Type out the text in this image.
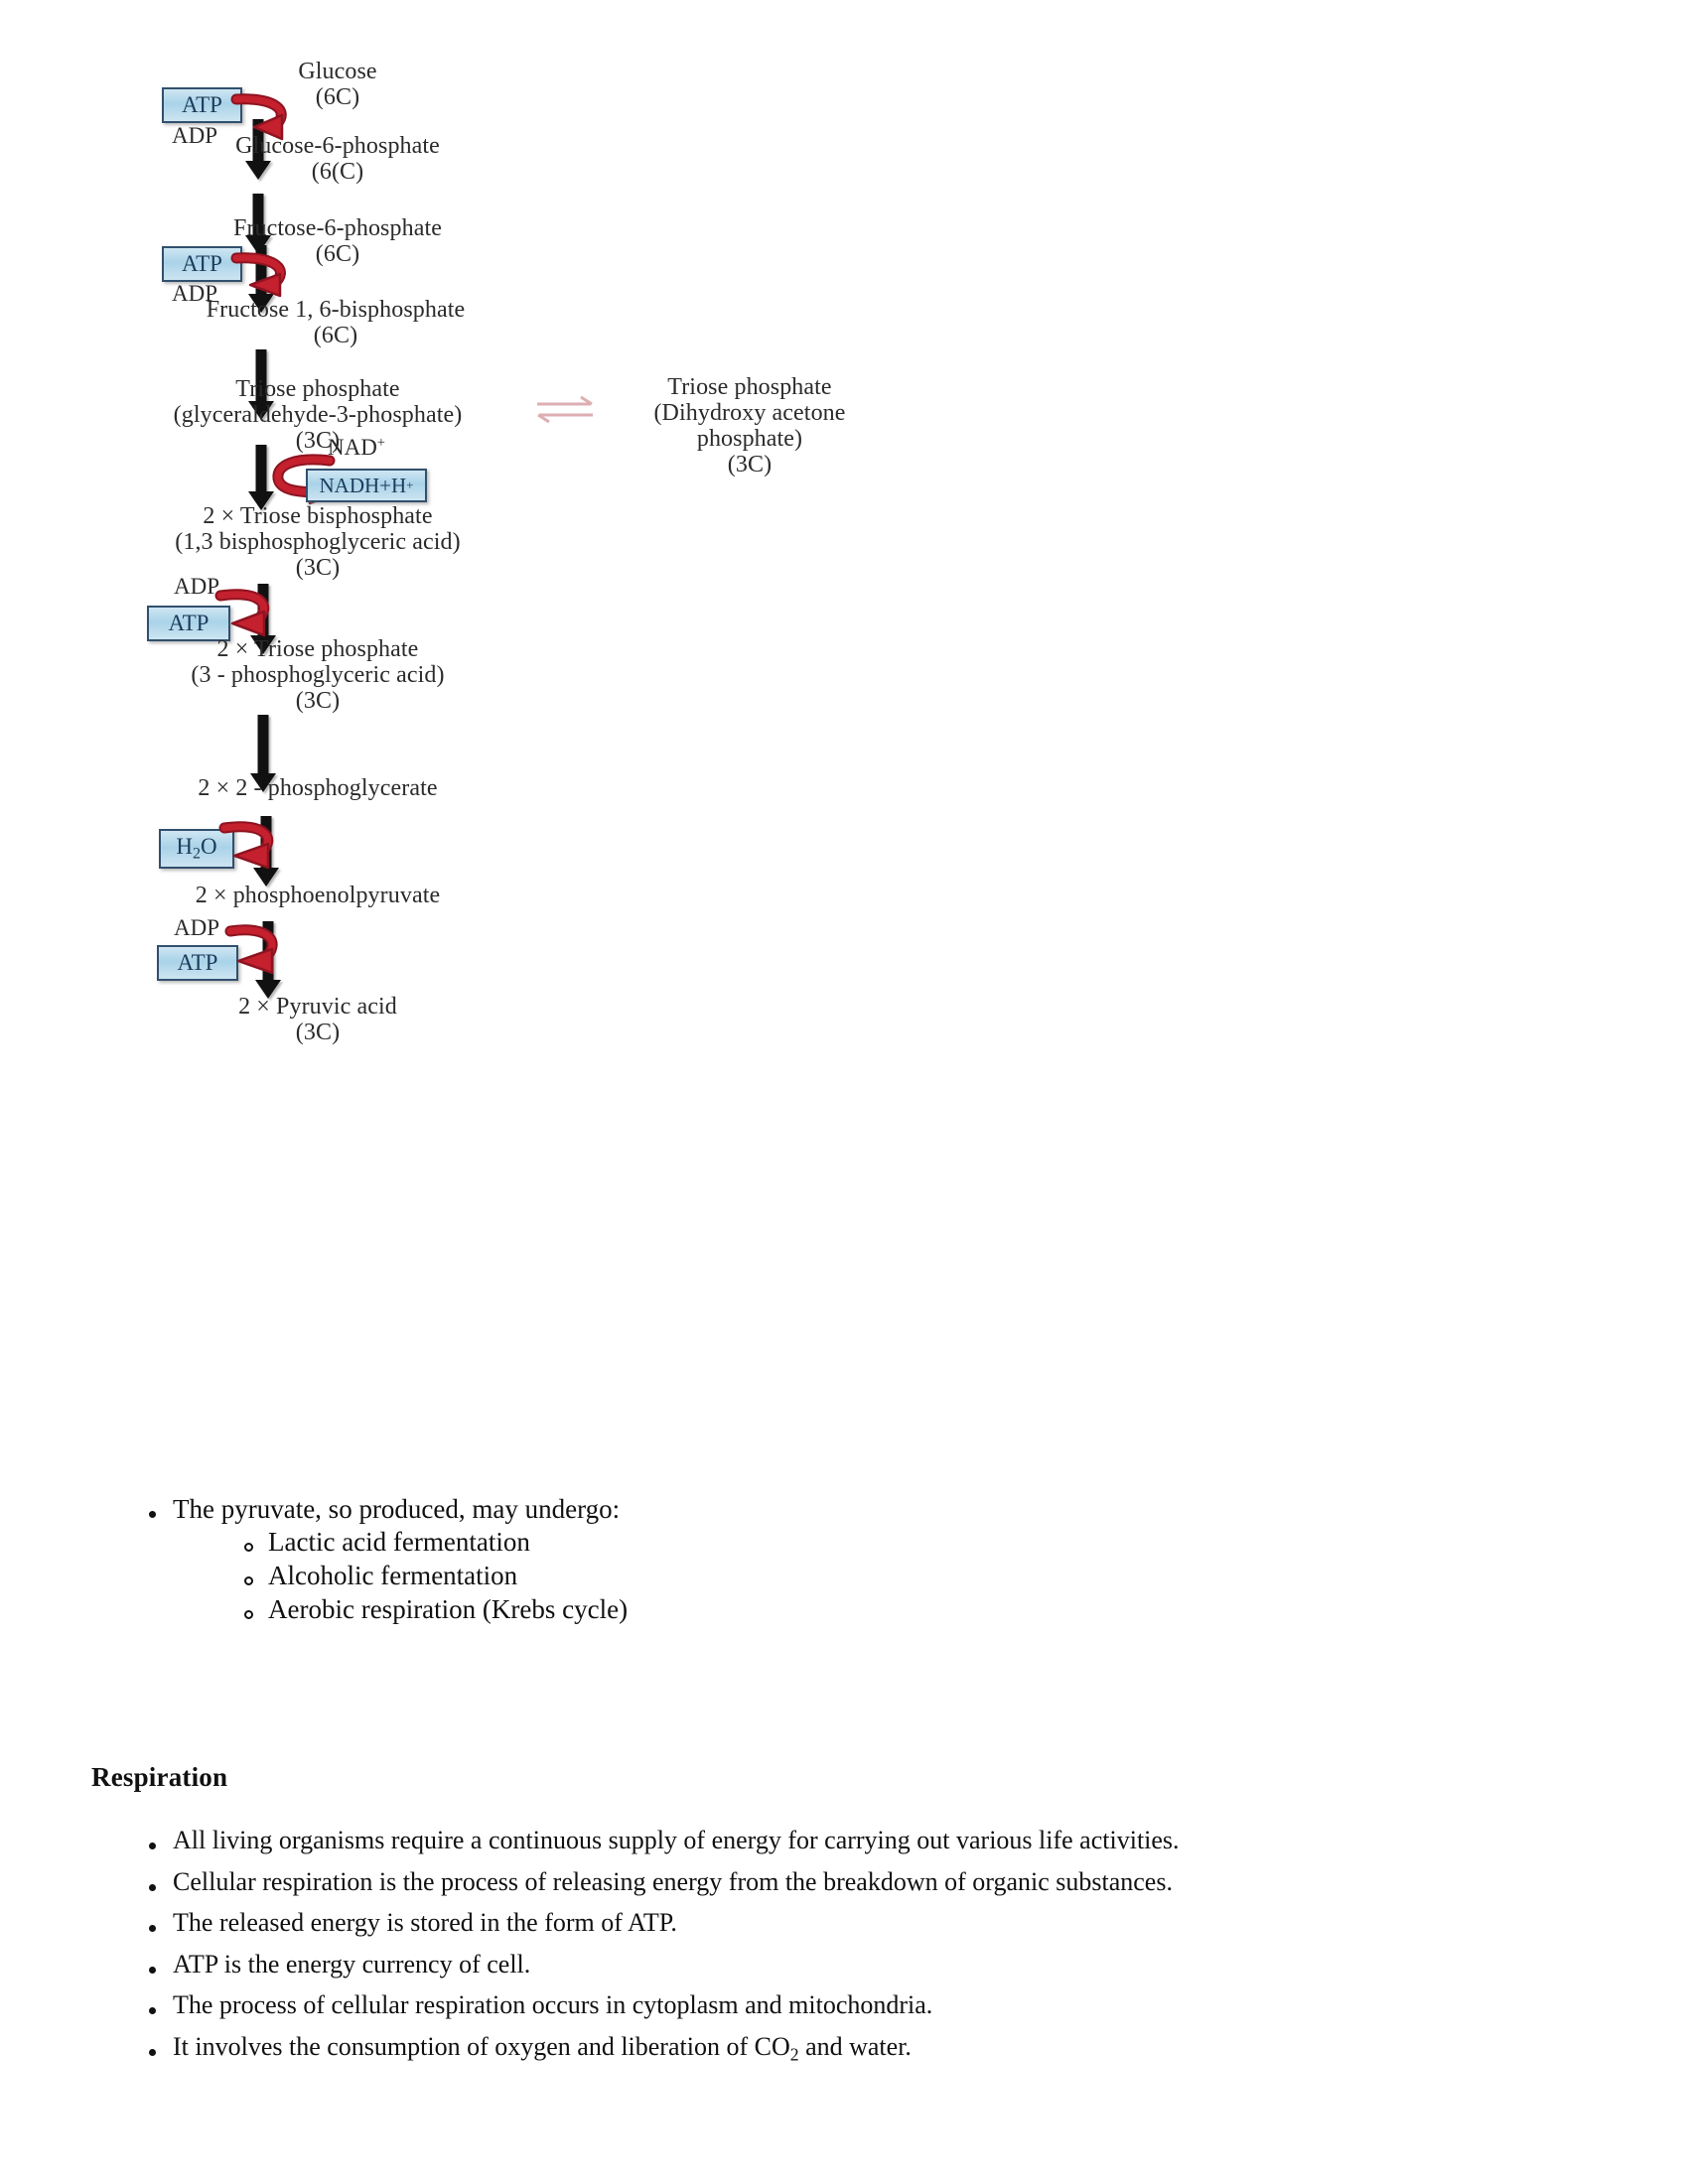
Glucose
(6C)
ATP
ADP Glucose-6-phosphate
(6(C)
Fructose-6-phosphate
(6C)
ATP
ADP
Fructose 1, 6-bisphosphate
(6C)
Triose phosphate
(glyceraldehyde-3-phosphate)
(3C)
Triose phosphate
(Dihydroxy acetone
phosphate)
(3C)
NAD+
NADH+H +
2 × Triose bisphosphate
(1,3 bisphosphoglyceric acid)
(3C)
ADP
ATP
2 × Triose phosphate
(3 - phosphoglyceric acid)
(3C)
2 × 2 - phosphoglycerate
$H_2O$
2 × phosphoenolpyruvate
ADP
ATP
2 × Pyruvic acid
(3C)
The pyruvate, so produced, may undergo:
Lactic acid fermentation
Alcoholic fermentation
Aerobic respiration (Krebs cycle)
Respiration
All living organisms require a continuous supply of energy for carrying out various life activities.
Cellular respiration is the process of releasing energy from the breakdown of organic substances.
The released energy is stored in the form of ATP.
ATP is the energy currency of cell.
The process of cellular respiration occurs in cytoplasm and mitochondria.
It involves the consumption of oxygen and liberation of $CO_2$ and water.
